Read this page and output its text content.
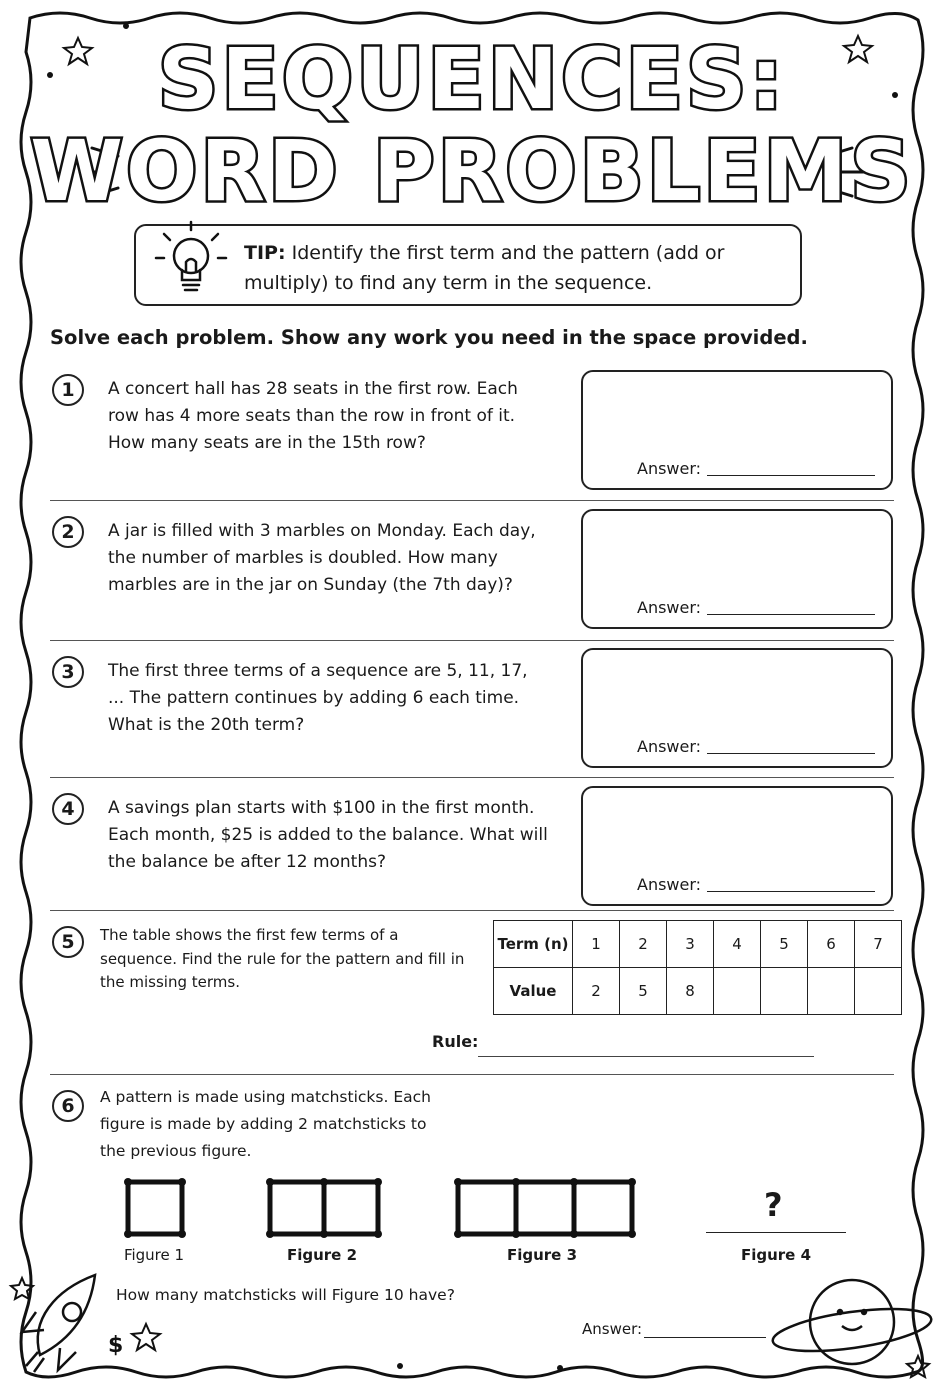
$
SEQUENCES:
WORD PROBLEMS
TIP: Identify the first term and the pattern (add or multiply) to find any term in the sequence.
Solve each problem. Show any work you need in the space provided.
1	A concert hall has 28 seats in the first row. Each row has 4 more seats than the row in front of it. How many seats are in the 15th row?
Answer:
2	A jar is filled with 3 marbles on Monday. Each day, the number of marbles is doubled. How many marbles are in the jar on Sunday (the 7th day)?
Answer:
3	The first three terms of a sequence are 5, 11, 17, ... The pattern continues by adding 6 each time. What is the 20th term?
Answer:
4	A savings plan starts with $100 in the first month. Each month, $25 is added to the balance. What will the balance be after 12 months?
Answer:
5	The table shows the first few terms of a sequence. Find the rule for the pattern and fill in the missing terms.
Term (n)	1	2	3	4	5	6	7
Value	2	5	8				
Rule:
6	A pattern is made using matchsticks. Each figure is made by adding 2 matchsticks to the previous figure.
?
Figure 1	Figure 2	Figure 3	Figure 4
How many matchsticks will Figure 10 have?
Answer:
